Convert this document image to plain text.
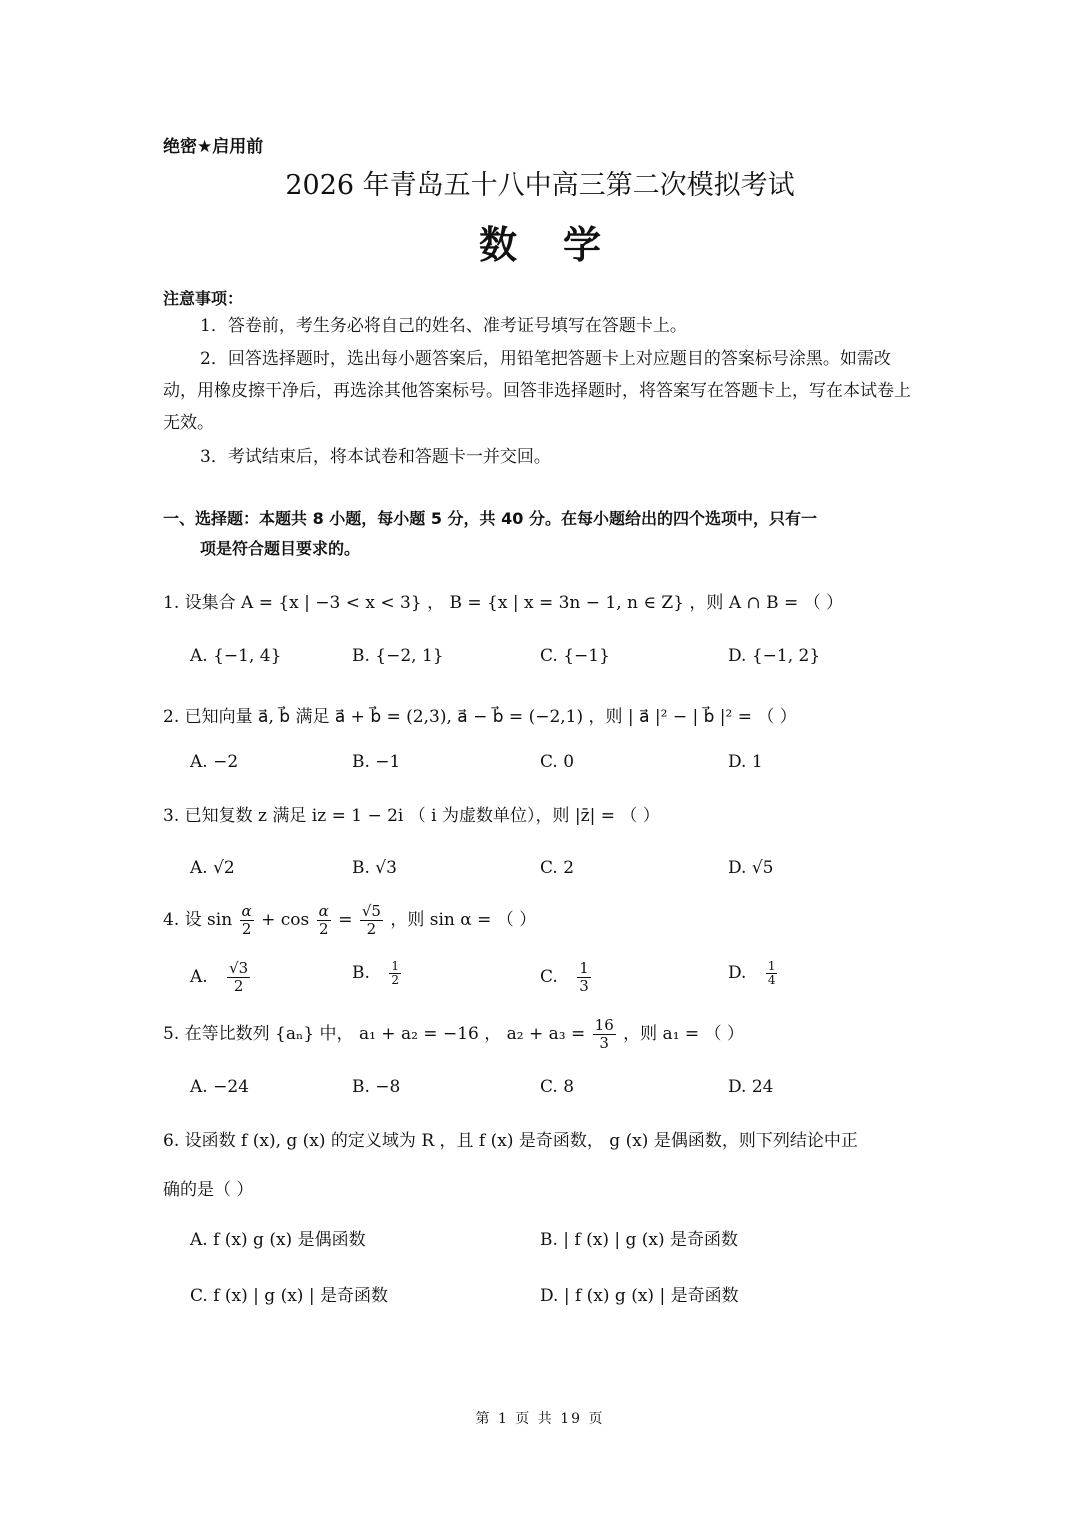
绝密★启用前
2026 年青岛五十八中高三第二次模拟考试
数学
注意事项：
1．答卷前，考生务必将自己的姓名、准考证号填写在答题卡上。
2．回答选择题时，选出每小题答案后，用铅笔把答题卡上对应题目的答案标号涂黑。如需改动，用橡皮擦干净后，再选涂其他答案标号。回答非选择题时，将答案写在答题卡上，写在本试卷上无效。
3．考试结束后，将本试卷和答题卡一并交回。
一、选择题：本题共 8 小题，每小题 5 分，共 40 分。在每小题给出的四个选项中，只有一
项是符合题目要求的。
1. 设集合 A = {x | −3 < x < 3} ， B = {x | x = 3n − 1, n ∈ Z} ，则 A ∩ B = （ ）
A. {−1, 4}	B. {−2, 1}	C. {−1}	D. {−1, 2}
2. 已知向量 a⃗, b⃗ 满足 a⃗ + b⃗ = (2,3), a⃗ − b⃗ = (−2,1) ，则 | a⃗ |² − | b⃗ |² = （ ）
A. −2	B. −1	C. 0	D. 1
3. 已知复数 z 满足 iz = 1 − 2i （ i 为虚数单位），则 |z̄| = （ ）
A. √2	B. √3	C. 2	D. √5
4. 设 $\sin \frac{\alpha}{2} + \cos \frac{\alpha}{2} = \frac{√5}{2}$ ，则 sin α = （ ）
A. $\frac{√3}{2}$	B. $\frac{1}{2}$	C. $\frac{1}{3}$	D. $\frac{1}{4}$
5. 在等比数列 {aₙ} 中， a₁ + a₂ = −16 ， $a_2 + a_3 = \frac{16}{3}$ ，则 a₁ = （ ）
A. −24	B. −8	C. 8	D. 24
6. 设函数 f (x), g (x) 的定义域为 R ，且 f (x) 是奇函数， g (x) 是偶函数，则下列结论中正
确的是（ ）
A. f (x) g (x) 是偶函数	B. | f (x) | g (x) 是奇函数
C. f (x) | g (x) | 是奇函数	D. | f (x) g (x) | 是奇函数
第 1 页 共 19 页
